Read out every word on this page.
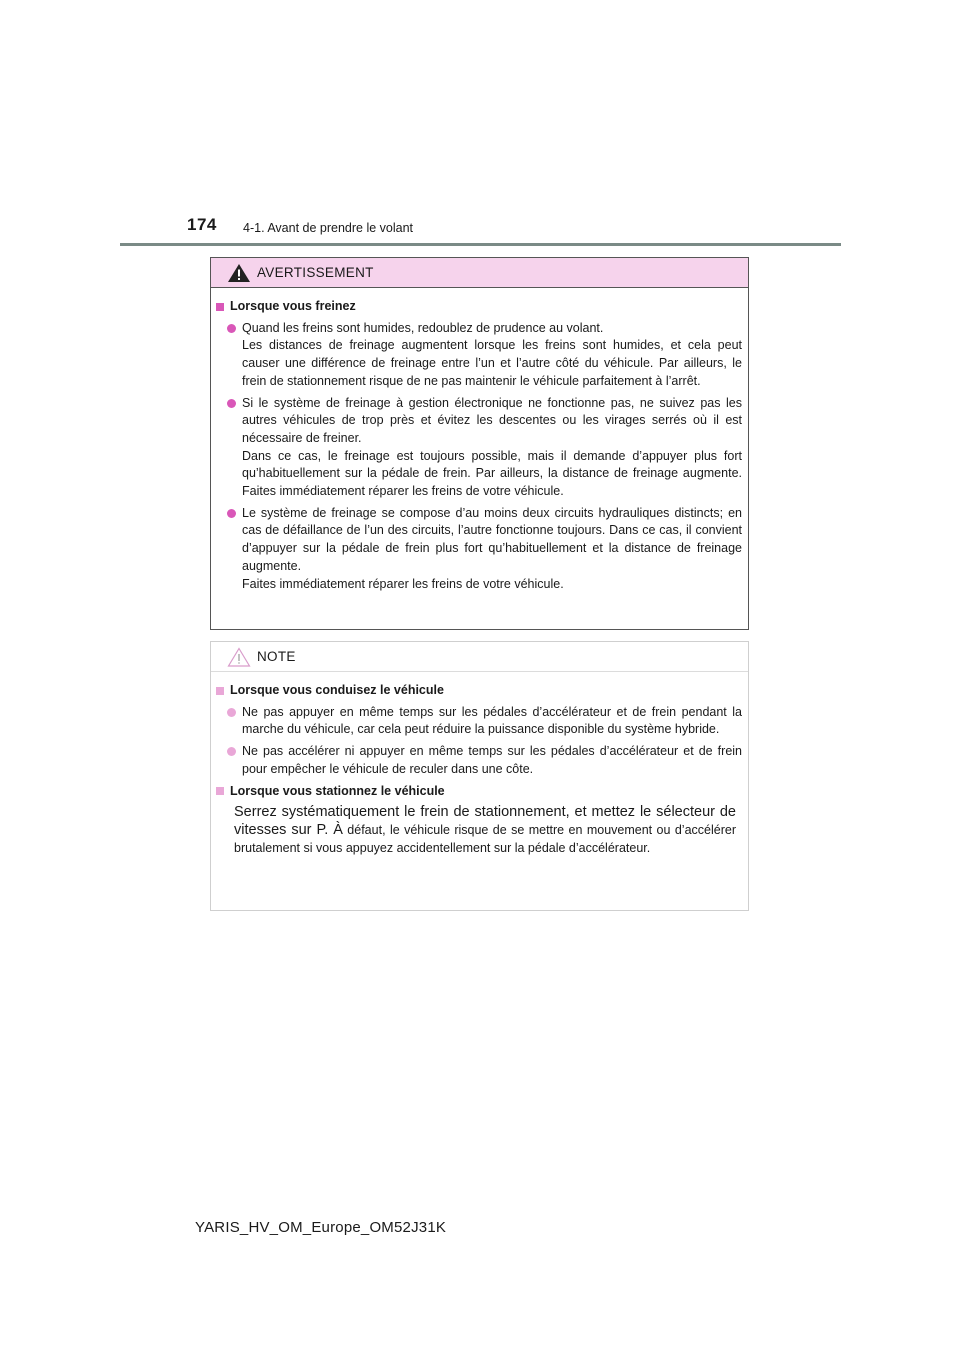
174 4-1. Avant de prendre le volant
AVERTISSEMENT
Lorsque vous freinez

Quand les freins sont humides, redoublez de prudence au volant.

Les distances de freinage augmentent lorsque les freins sont humides, et cela peut causer une différence de freinage entre l’un et l’autre côté du véhicule. Par ailleurs, le frein de stationnement risque de ne pas maintenir le véhicule parfaitement à l’arrêt.

Si le système de freinage à gestion électronique ne fonctionne pas, ne suivez pas les autres véhicules de trop près et évitez les descentes ou les virages serrés où il est nécessaire de freiner.

Dans ce cas, le freinage est toujours possible, mais il demande d’appuyer plus fort qu’habituellement sur la pédale de frein. Par ailleurs, la distance de freinage augmente. Faites immédiatement réparer les freins de votre véhicule.

Le système de freinage se compose d’au moins deux circuits hydrauliques distincts; en cas de défaillance de l’un des circuits, l’autre fonctionne toujours. Dans ce cas, il convient d’appuyer sur la pédale de frein plus fort qu’habituellement et la distance de freinage augmente.

Faites immédiatement réparer les freins de votre véhicule.

NOTE
Lorsque vous conduisez le véhicule
Ne pas appuyer en même temps sur les pédales d’accélérateur et de frein pendant la marche du véhicule, car cela peut réduire la puissance disponible du système hybride.
Ne pas accélérer ni appuyer en même temps sur les pédales d’accélérateur et de frein pour empêcher le véhicule de reculer dans une côte.
Lorsque vous stationnez le véhicule

Serrez systématiquement le frein de stationnement, et mettez le sélecteur de vitesses sur P. À défaut, le véhicule risque de se mettre en mouvement ou d’accélérer brutalement si vous appuyez accidentellement sur la pédale d’accélérateur.

YARIS_HV_OM_Europe_OM52J31K
